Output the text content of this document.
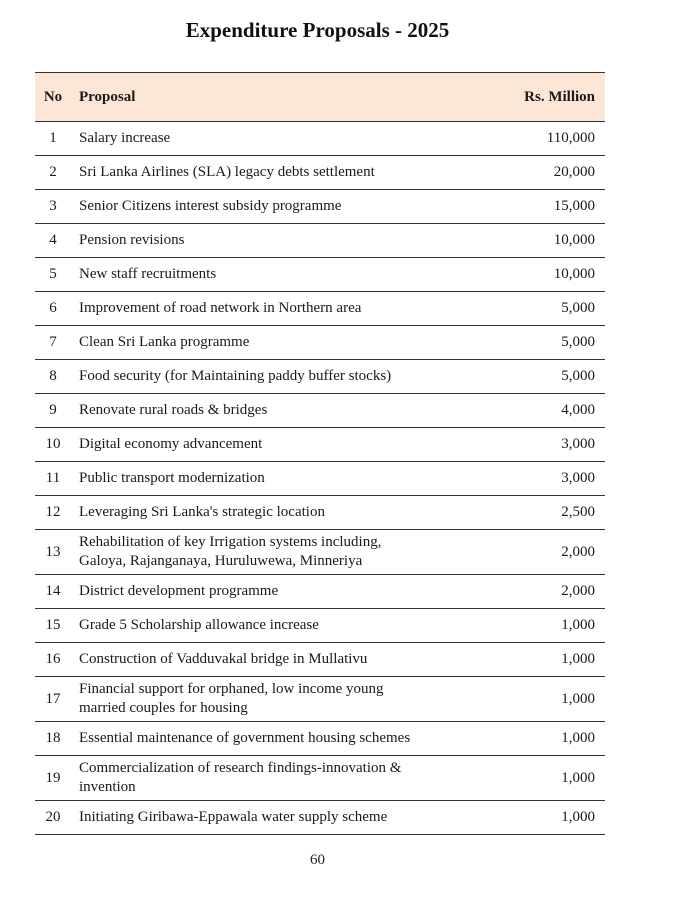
Expenditure Proposals - 2025
No	Proposal	Rs. Million
1	Salary increase	110,000
2	Sri Lanka Airlines (SLA) legacy debts settlement	20,000
3	Senior Citizens interest subsidy programme	15,000
4	Pension revisions	10,000
5	New staff recruitments	10,000
6	Improvement of road network in Northern area	5,000
7	Clean Sri Lanka programme	5,000
8	Food security (for Maintaining paddy buffer stocks)	5,000
9	Renovate rural roads & bridges	4,000
10	Digital economy advancement	3,000
11	Public transport modernization	3,000
12	Leveraging Sri Lanka's strategic location	2,500
13	Rehabilitation of key Irrigation systems including,
Galoya, Rajanganaya, Huruluwewa, Minneriya	2,000
14	District development programme	2,000
15	Grade 5 Scholarship allowance increase	1,000
16	Construction of Vadduvakal bridge in Mullativu	1,000
17	Financial support for orphaned, low income young
married couples for housing	1,000
18	Essential maintenance of government housing schemes	1,000
19	Commercialization of research findings-innovation &
invention	1,000
20	Initiating Giribawa-Eppawala water supply scheme	1,000
60
